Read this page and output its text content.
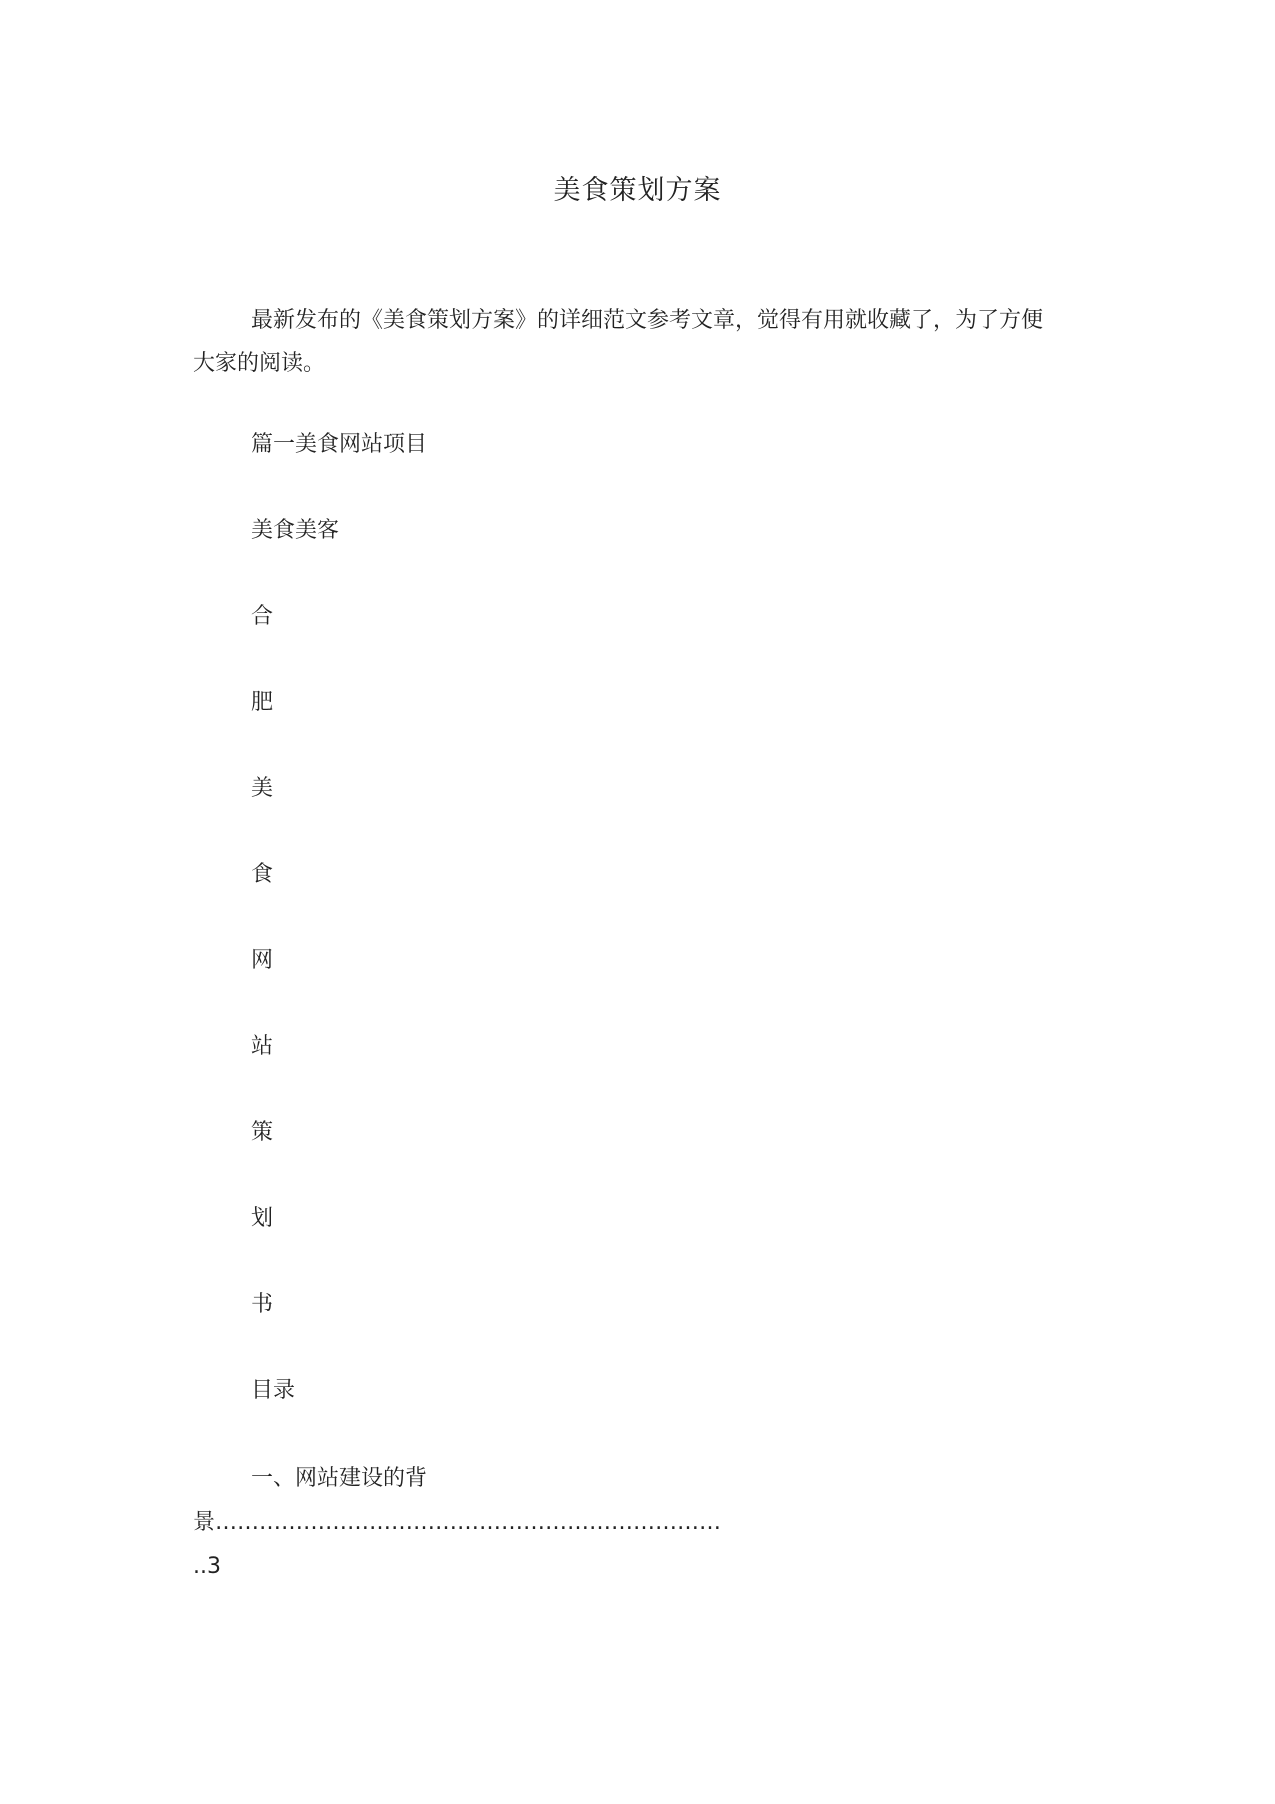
美食策划方案
最新发布的《美食策划方案》的详细范文参考文章，觉得有用就收藏了，为了方便大家的阅读。
篇一美食网站项目
美食美客
合
肥
美
食
网
站
策
划
书
目录
一、网站建设的背
景……………………………………………………………
..3
